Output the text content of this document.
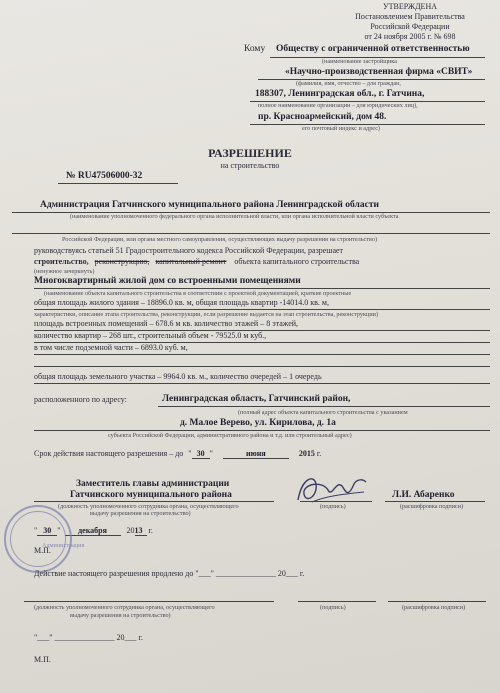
УТВЕРЖДЕНА
Постановлением Правительства
Российской Федерации
от 24 ноября 2005 г. № 698
Кому Обществу с ограниченной ответственностью
(наименование застройщика
«Научно-производственная фирма «СВИТ»
(фамилия, имя, отчество – для граждан,
188307, Ленинградская обл., г. Гатчина,
полное наименование организации – для юридических лиц),
пр. Красноармейский, дом 48.
его почтовый индекс и адрес)
РАЗРЕШЕНИЕ
на строительство
№ RU47506000-32
Администрация Гатчинского муниципального района Ленинградской области
(наименование уполномоченного федерального органа исполнительной власти, или органа исполнительной власти субъекта
Российской Федерации, или органа местного самоуправления, осуществляющих выдачу разрешения на строительство)
руководствуясь статьей 51 Градостроительного кодекса Российской Федерации, разрешает
строительство, реконструкцию, капитальный ремонт объекта капитального строительства
(ненужное зачеркнуть)
Многоквартирный жилой дом со встроенными помещениями
(наименование объекта капитального строительства в соответствии с проектной документацией, краткие проектные
общая площадь жилого здания – 18896.0 кв. м, общая площадь квартир -14014.0 кв. м,
характеристики, описание этапа строительства, реконструкции, если разрешение выдается на этап строительства, реконструкции)
площадь встроенных помещений – 678.6 м кв. количество этажей – 8 этажей,
количество квартир – 268 шт., строительный объем - 79525.0 м куб.,
в том числе подземной части – 6893.0 куб. м,
общая площадь земельного участка – 9964.0 кв. м., количество очередей – 1 очередь
расположенного по адресу:	Ленинградская область, Гатчинский район,
(полный адрес объекта капитального строительства с указанием
д. Малое Верево, ул. Кирилова, д. 1а
субъекта Российской Федерации, административного района и т.д. или строительный адрес)
Срок действия настоящего разрешения – до " 30 "	июня	2015 г.
Заместитель главы администрации
Гатчинского муниципального района
(должность уполномоченного сотрудника органа, осуществляющего
выдачу разрешения на строительство)
(подпись)
Л.И. Абаренко
(расшифровка подписи)
" 30 " декабря 2013 г.
М.П.
Администрация
Действие настоящего разрешения продлено до "___" _______________ 20___ г.
(должность уполномоченного сотрудника органа, осуществляющего
выдачу разрешения на строительство)
(подпись)	(расшифровка подписи)
"___" _______________ 20___ г.
М.П.
